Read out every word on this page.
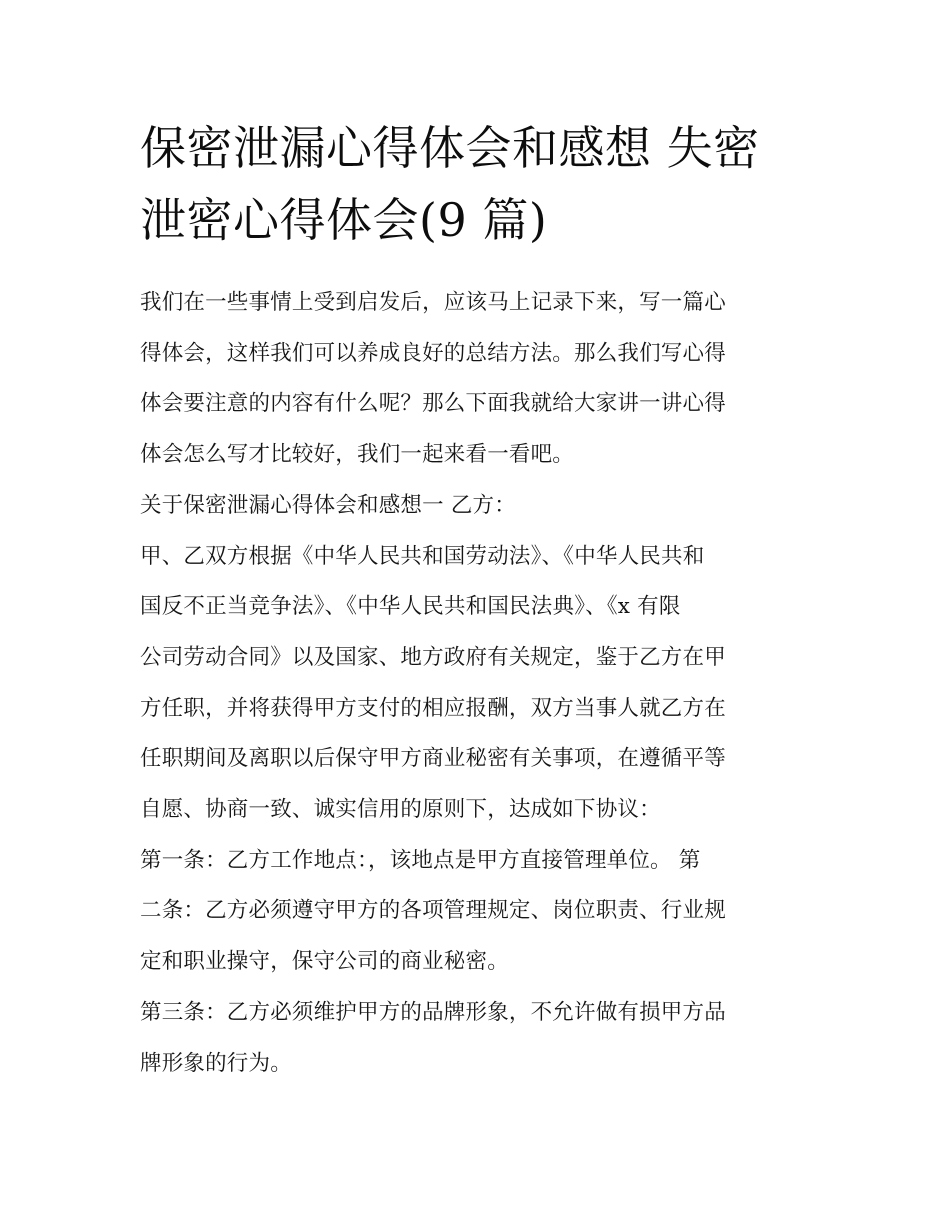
保密泄漏心得体会和感想 失密
泄密心得体会(9 篇)

我们在一些事情上受到启发后，应该马上记录下来，写一篇心
得体会，这样我们可以养成良好的总结方法。那么我们写心得
体会要注意的内容有什么呢？那么下面我就给大家讲一讲心得
体会怎么写才比较好，我们一起来看一看吧。

关于保密泄漏心得体会和感想一 乙方：

甲、乙双方根据《中华人民共和国劳动法》、《中华人民共和
国反不正当竞争法》、《中华人民共和国民法典》、《x 有限
公司劳动合同》以及国家、地方政府有关规定，鉴于乙方在甲
方任职，并将获得甲方支付的相应报酬，双方当事人就乙方在
任职期间及离职以后保守甲方商业秘密有关事项，在遵循平等
自愿、协商一致、诚实信用的原则下，达成如下协议：

第一条：乙方工作地点：，该地点是甲方直接管理单位。 第
二条：乙方必须遵守甲方的各项管理规定、岗位职责、行业规
定和职业操守，保守公司的商业秘密。

第三条：乙方必须维护甲方的品牌形象，不允许做有损甲方品
牌形象的行为。
